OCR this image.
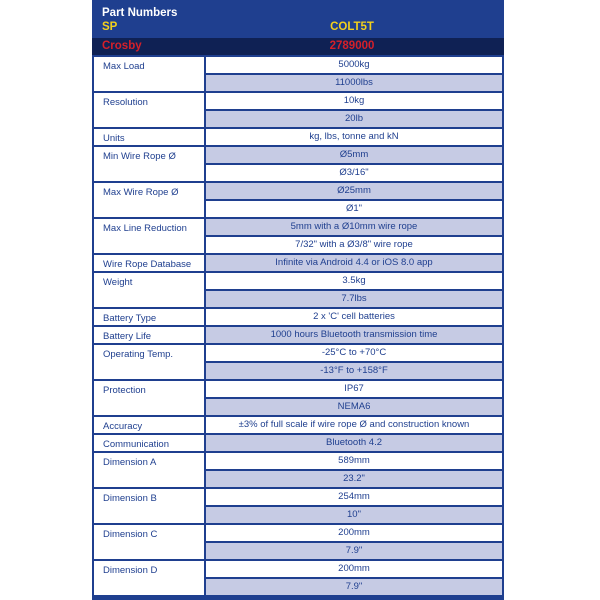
Part Numbers
SP	COLT5T
Crosby	2789000
Max Load	5000kg
11000lbs
Resolution	10kg
20lb
Units	kg, lbs, tonne and kN
Min Wire Rope Ø	Ø5mm
Ø3/16"
Max Wire Rope Ø	Ø25mm
Ø1"
Max Line Reduction	5mm with a Ø10mm wire rope
7/32" with a Ø3/8" wire rope
Wire Rope Database	Infinite via Android 4.4 or iOS 8.0 app
Weight	3.5kg
7.7lbs
Battery Type	2 x 'C' cell batteries
Battery Life	1000 hours Bluetooth transmission time
Operating Temp.	-25°C to +70°C
-13°F to +158°F
Protection	IP67
NEMA6
Accuracy	±3% of full scale if wire rope Ø and construction known
Communication	Bluetooth 4.2
Dimension A	589mm
23.2"
Dimension B	254mm
10"
Dimension C	200mm
7.9"
Dimension D	200mm
7.9"
